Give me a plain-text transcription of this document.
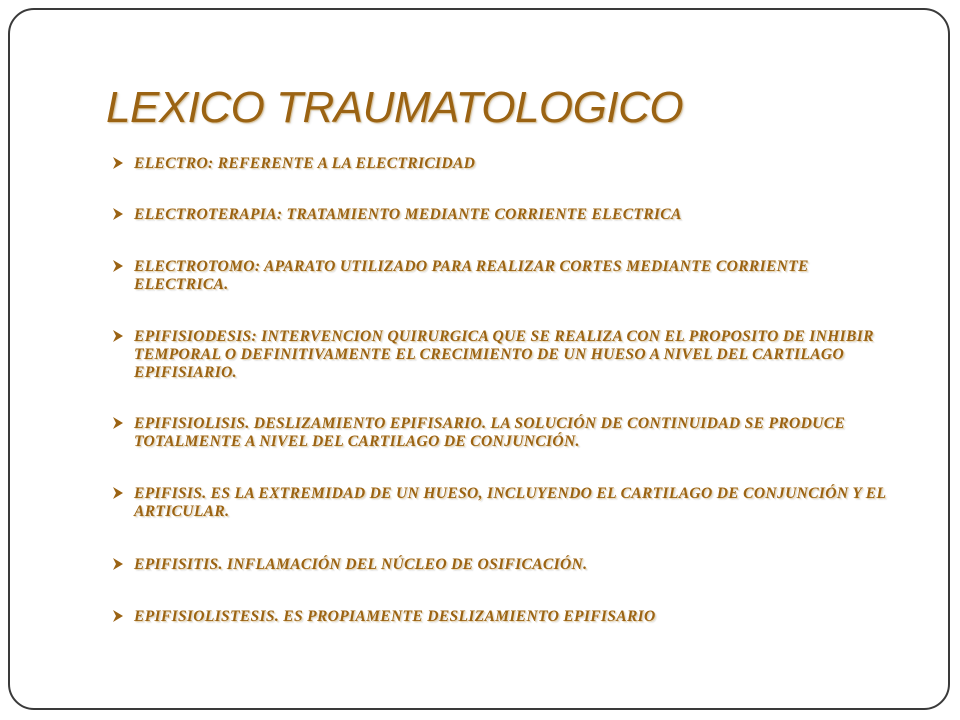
LEXICO TRAUMATOLOGICO
ELECTRO: REFERENTE A LA ELECTRICIDAD
ELECTROTERAPIA: TRATAMIENTO MEDIANTE CORRIENTE ELECTRICA
ELECTROTOMO: APARATO UTILIZADO PARA REALIZAR CORTES MEDIANTE CORRIENTE ELECTRICA.
EPIFISIODESIS: INTERVENCION QUIRURGICA QUE SE REALIZA CON EL PROPOSITO DE INHIBIR TEMPORAL O DEFINITIVAMENTE EL CRECIMIENTO DE UN HUESO A NIVEL DEL CARTILAGO EPIFISIARIO.
EPIFISIOLISIS. DESLIZAMIENTO EPIFISARIO. LA SOLUCIÓN DE CONTINUIDAD SE PRODUCE TOTALMENTE A NIVEL DEL CARTILAGO DE CONJUNCIÓN.
EPIFISIS. ES LA EXTREMIDAD DE UN HUESO, INCLUYENDO EL CARTILAGO DE CONJUNCIÓN Y EL ARTICULAR.
EPIFISITIS. INFLAMACIÓN DEL NÚCLEO DE OSIFICACIÓN.
EPIFISIOLISTESIS. ES PROPIAMENTE DESLIZAMIENTO EPIFISARIO
